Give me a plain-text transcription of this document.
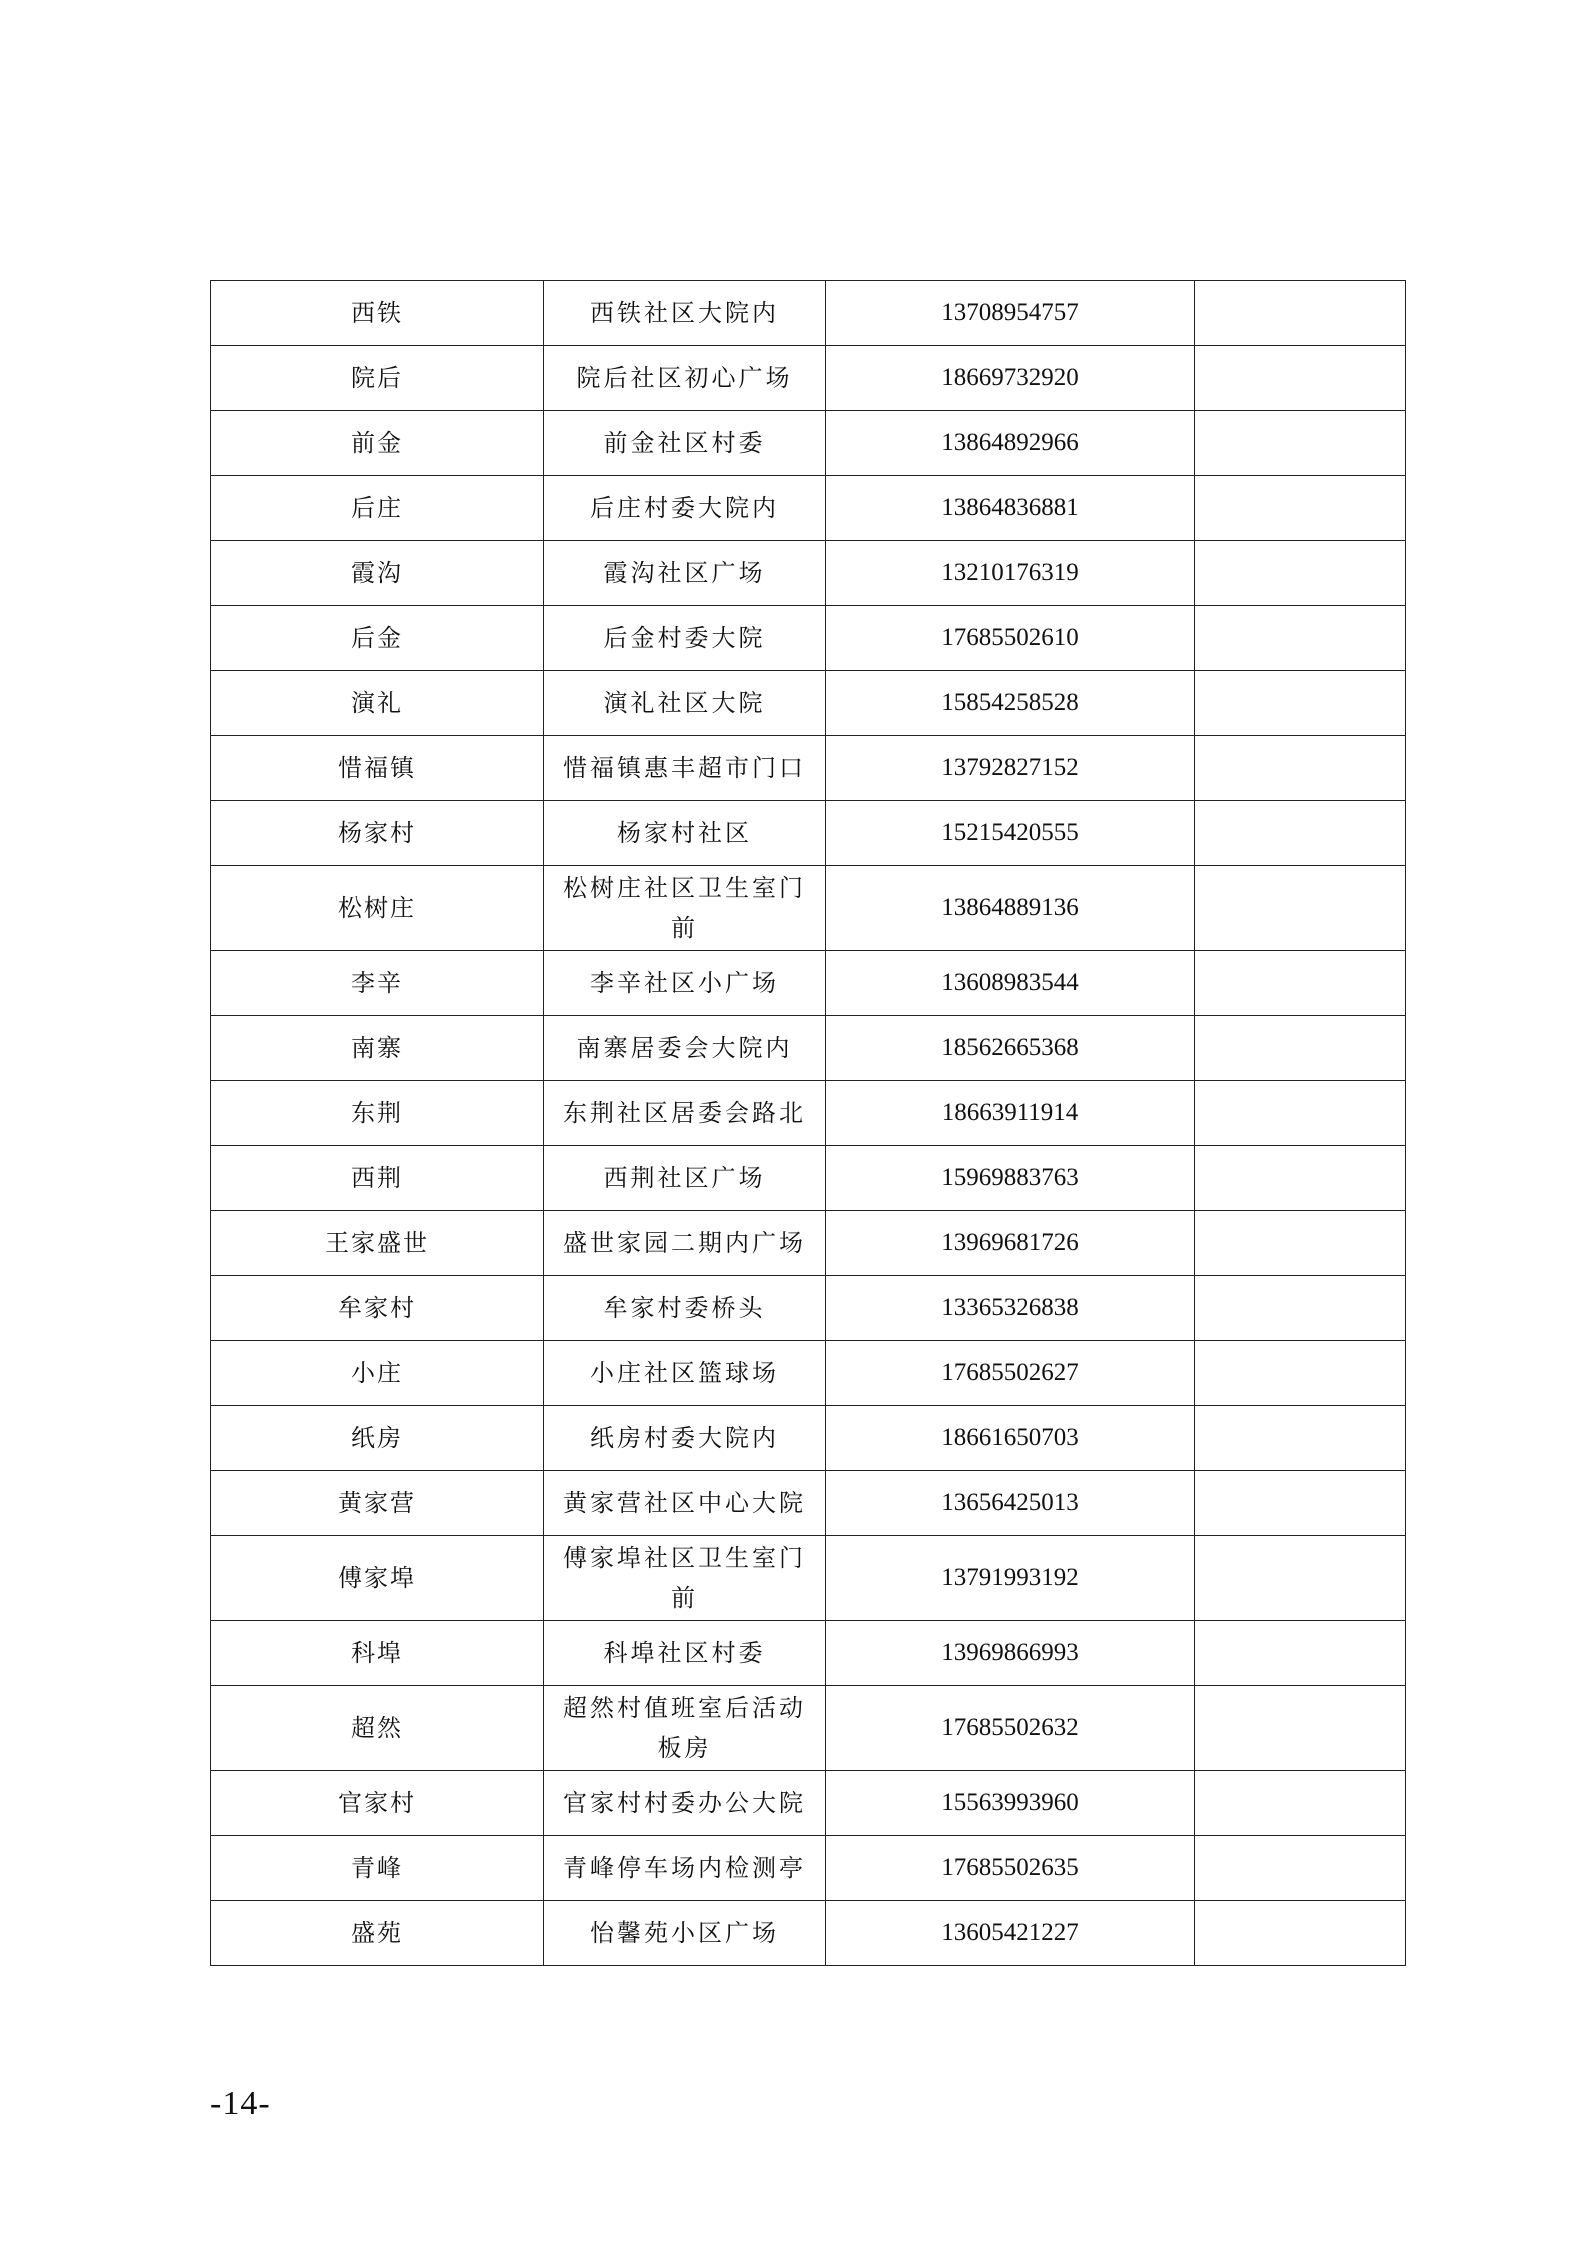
西铁	西铁社区大院内	13708954757	
院后	院后社区初心广场	18669732920	
前金	前金社区村委	13864892966	
后庄	后庄村委大院内	13864836881	
霞沟	霞沟社区广场	13210176319	
后金	后金村委大院	17685502610	
演礼	演礼社区大院	15854258528	
惜福镇	惜福镇惠丰超市门口	13792827152	
杨家村	杨家村社区	15215420555	
松树庄	松树庄社区卫生室门前	13864889136	
李辛	李辛社区小广场	13608983544	
南寨	南寨居委会大院内	18562665368	
东荆	东荆社区居委会路北	18663911914	
西荆	西荆社区广场	15969883763	
王家盛世	盛世家园二期内广场	13969681726	
牟家村	牟家村委桥头	13365326838	
小庄	小庄社区篮球场	17685502627	
纸房	纸房村委大院内	18661650703	
黄家营	黄家营社区中心大院	13656425013	
傅家埠	傅家埠社区卫生室门前	13791993192	
科埠	科埠社区村委	13969866993	
超然	超然村值班室后活动板房	17685502632	
官家村	官家村村委办公大院	15563993960	
青峰	青峰停车场内检测亭	17685502635	
盛苑	怡馨苑小区广场	13605421227	
-14-
